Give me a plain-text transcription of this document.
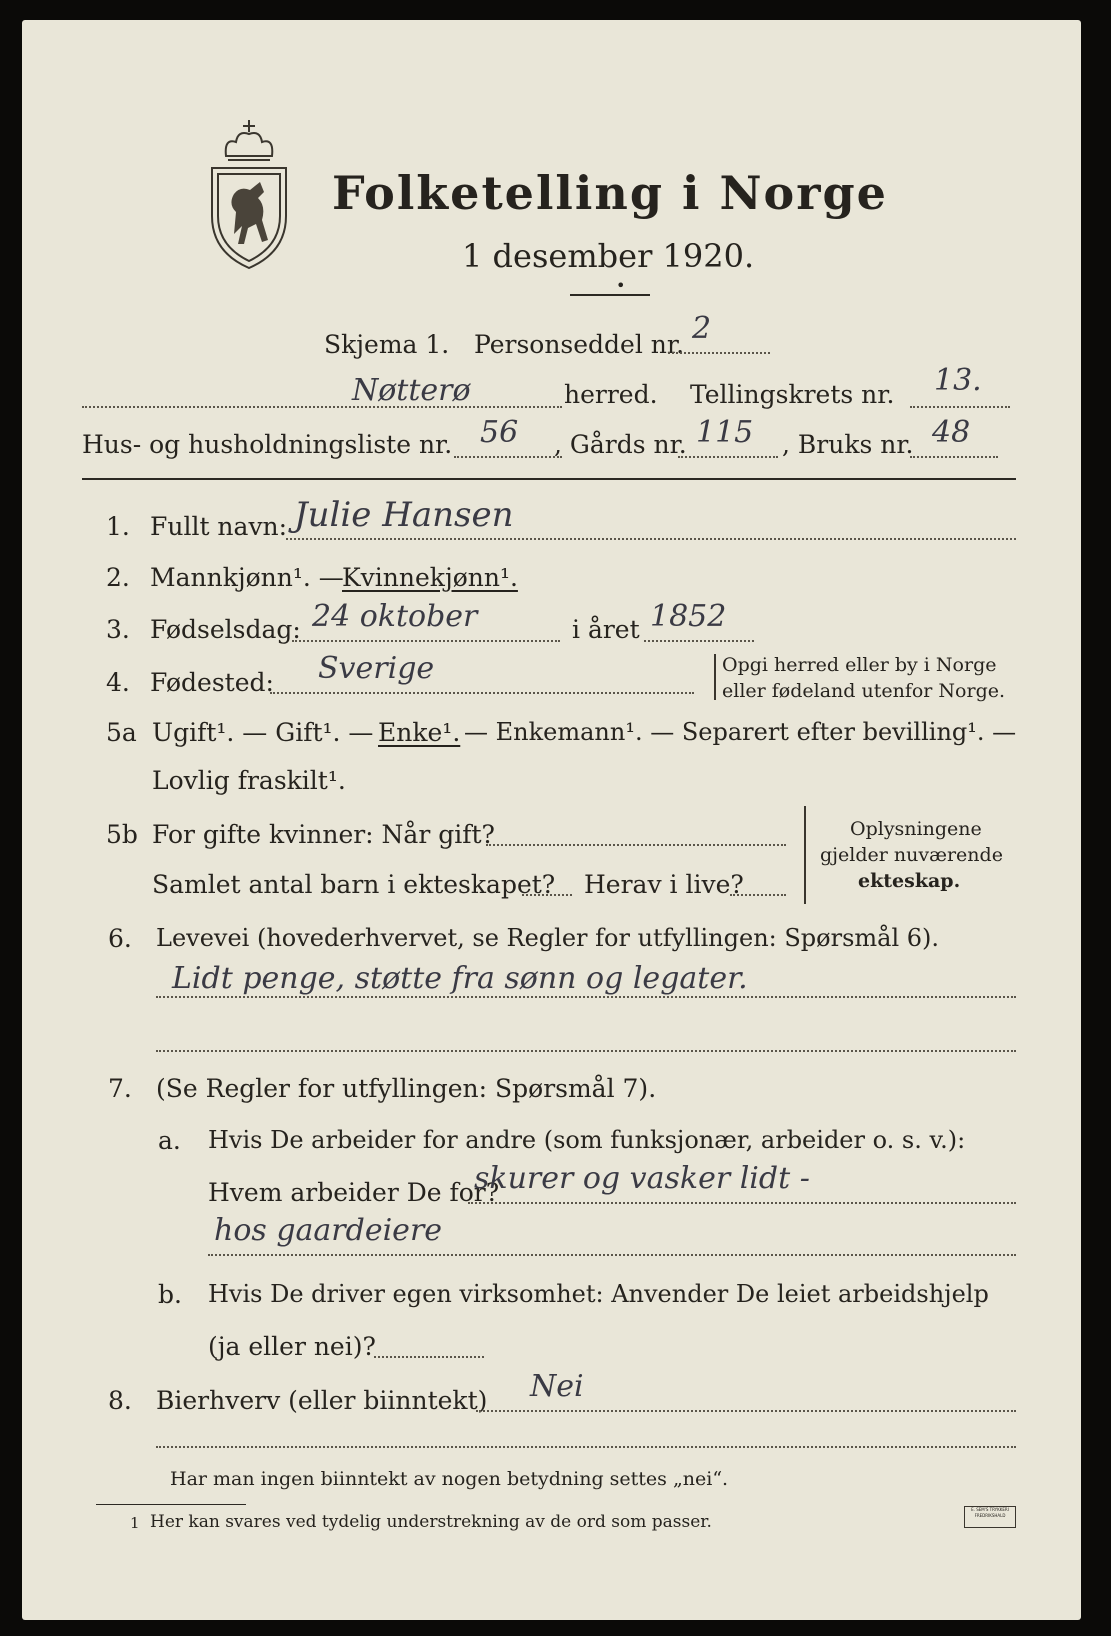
Folketelling i Norge
1 desember 1920.
•
Skjema 1. Personseddel nr. 2
Nøtterø	herred. Tellingskrets nr. 13.
Hus- og husholdningsliste nr. 56 , Gårds nr. 115 , Bruks nr. 48
1. Fullt navn: Julie Hansen
2. Mannkjønn¹. —
Kvinnekjønn¹.
3. Fødselsdag: 24 oktober	i året 1852
4. Fødested: Sverige	Opgi herred eller by i Norge
eller fødeland utenfor Norge.
5a Ugift¹. — Gift¹. — Enke¹. — Enkemann¹. — Separert efter bevilling¹. —
Lovlig fraskilt¹.
5b For gifte kvinner: Når gift?
Samlet antal barn i ekteskapet? Herav i live?
Oplysningene
gjelder nuværende
ekteskap.
6. Levevei (hovederhvervet, se Regler for utfyllingen: Spørsmål 6).
Lidt penge, støtte fra sønn og legater.
7. (Se Regler for utfyllingen: Spørsmål 7).
a. Hvis De arbeider for andre (som funksjonær, arbeider o. s. v.):
Hvem arbeider De for?
skurer og vasker lidt -
hos gaardeiere
b. Hvis De driver egen virksomhet: Anvender De leiet arbeidshjelp
(ja eller nei)?
8. Bierhverv (eller biinntekt) Nei
Har man ingen biinntekt av nogen betydning settes „nei“.
1 Her kan svares ved tydelig understrekning av de ord som passer.
E. SEM'S TRYKKERI FREDRIKSHALD
